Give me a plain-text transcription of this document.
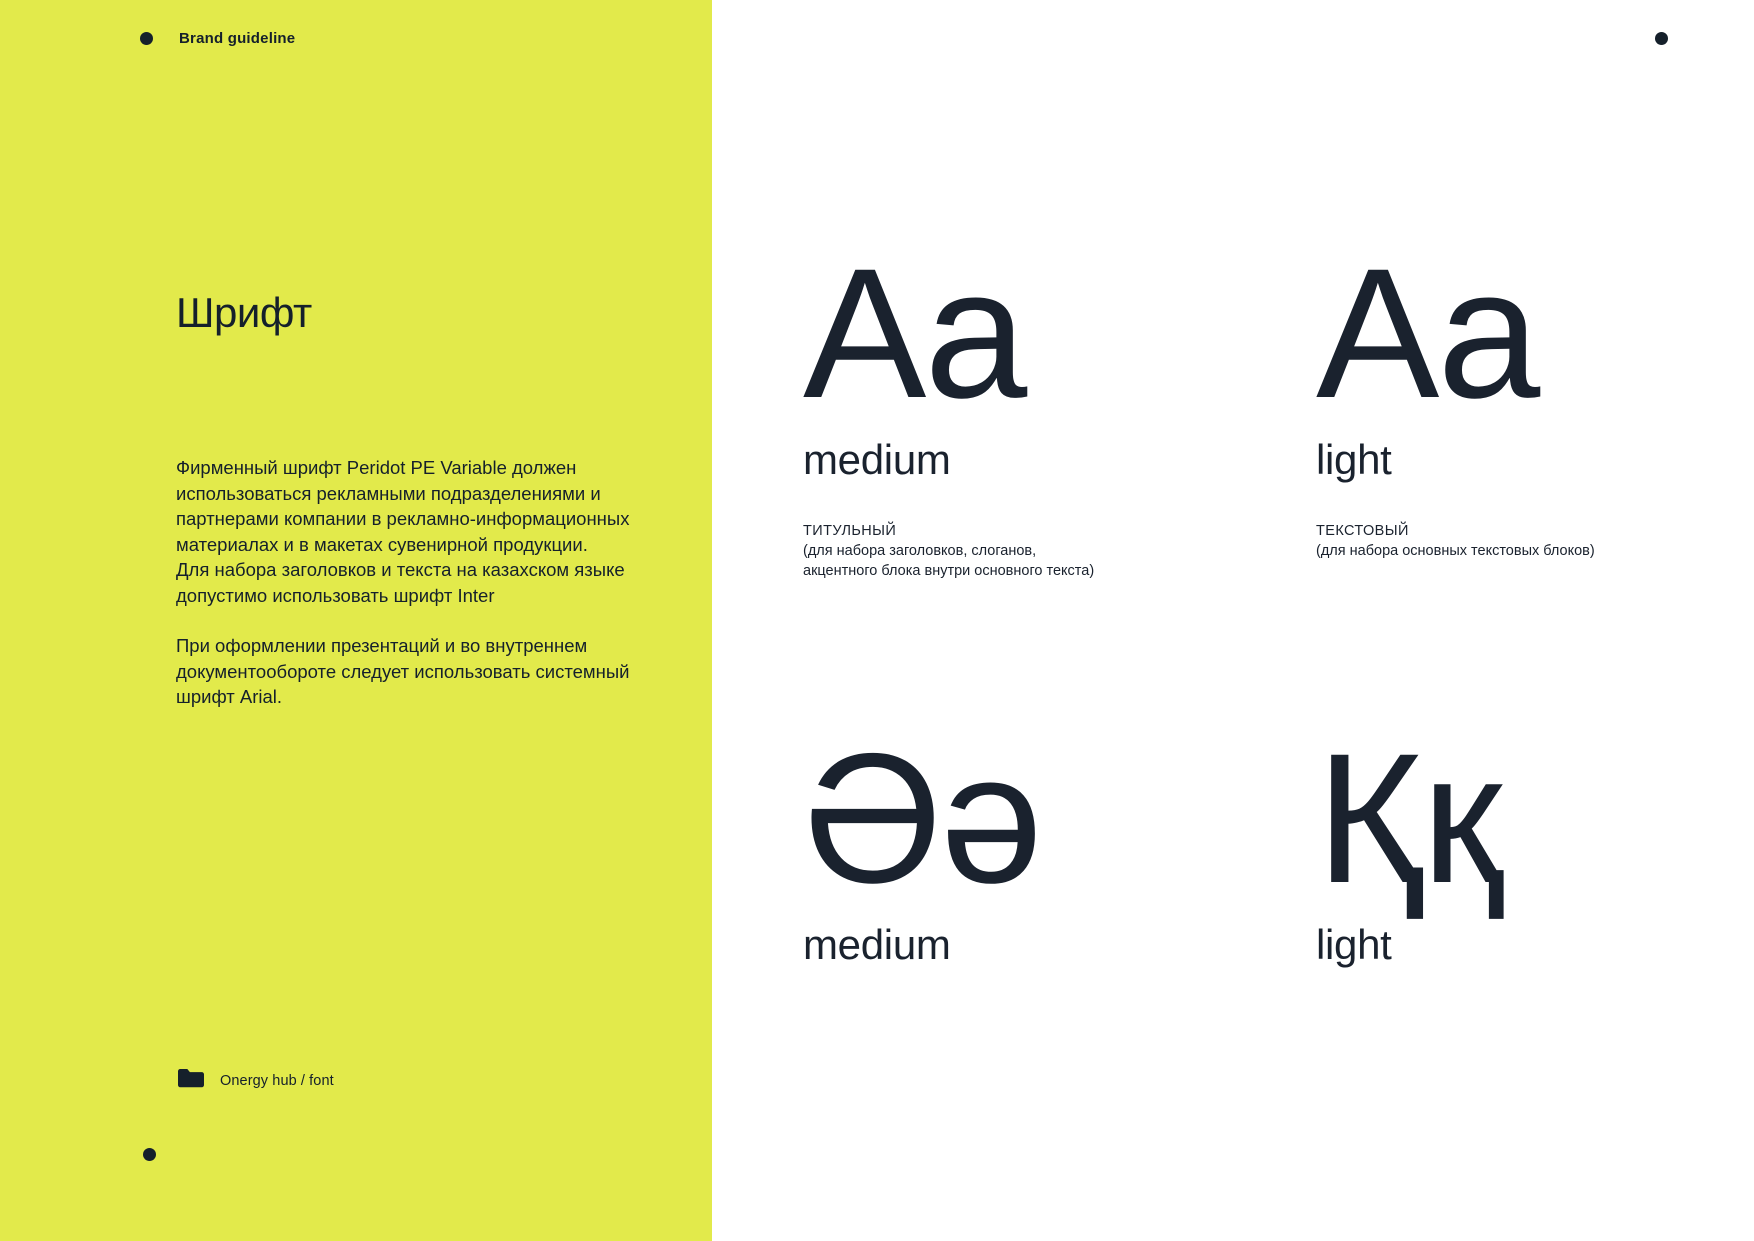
Brand guideline
Шрифт

Фирменный шрифт Peridot PE Variable должен использоваться рекламными подразделениями и партнерами компании в рекламно-информационных материалах и в макетах сувенирной продукции.
Для набора заголовков и текста на казахском языке допустимо использовать шрифт Inter

При оформлении презентаций и во внутреннем документообороте следует использовать системный шрифт Arial.

Onergy hub / font
Aa
medium
ТИТУЛЬНЫЙ
(для набора заголовков, слоганов, акцентного блока внутри основного текста)
Aa
light
ТЕКСТОВЫЙ
(для набора основных текстовых блоков)
Әә
medium
Ққ
light
